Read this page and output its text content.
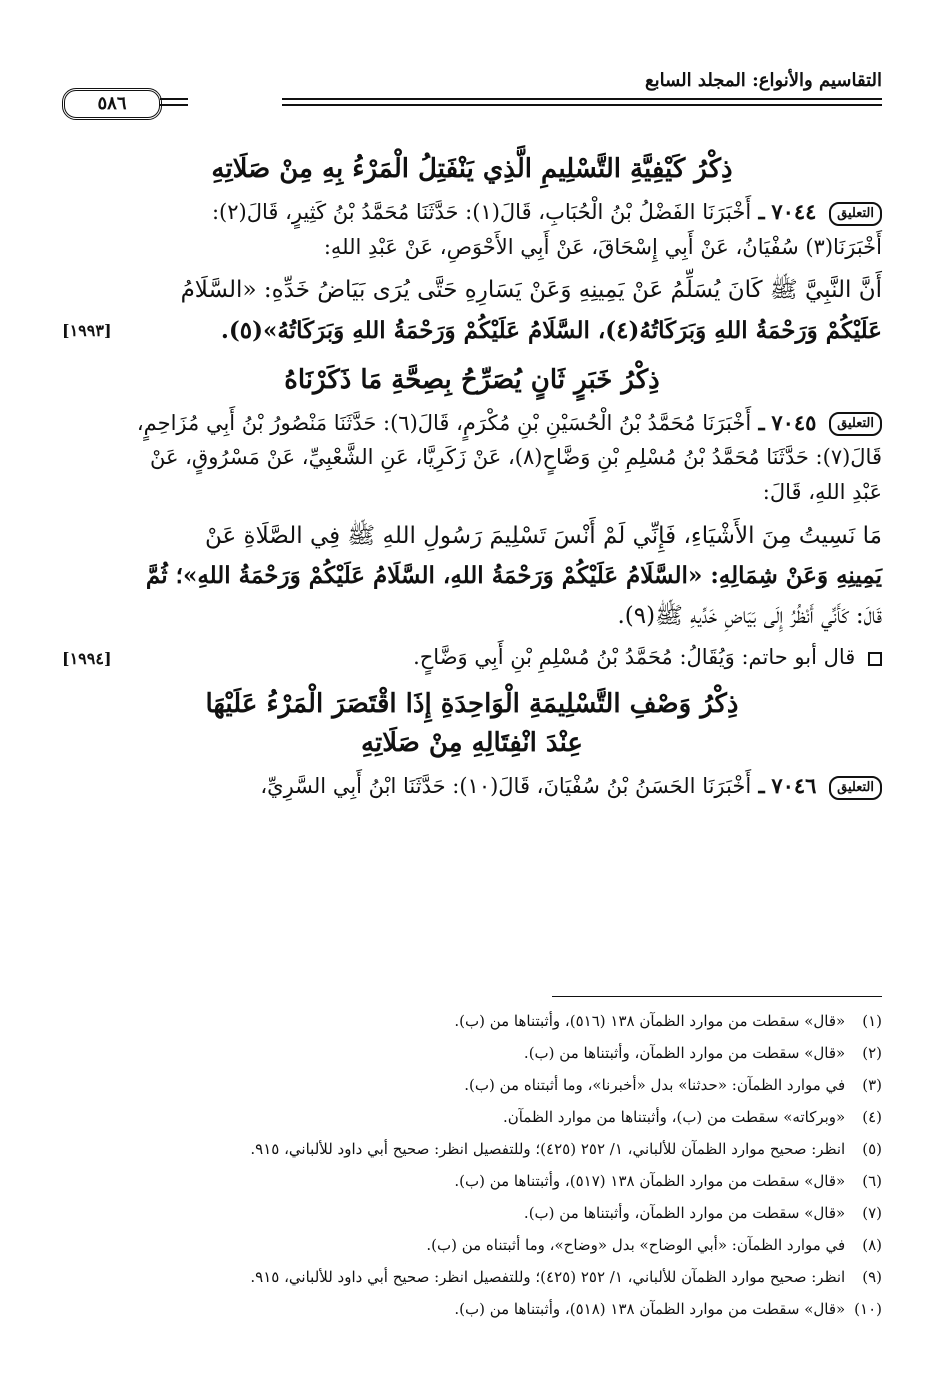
التقاسيم والأنواع: المجلد السابع
٥٨٦

ذِكْرُ كَيْفِيَّةِ التَّسْلِيمِ الَّذِي يَنْفَتِلُ الْمَرْءُ بِهِ مِنْ صَلَاتِهِ

التعليق ٧٠٤٤ ـ أَخْبَرَنَا الفَضْلُ بْنُ الْحُبَابِ، قَالَ(١): حَدَّثَنَا مُحَمَّدُ بْنُ كَثِيرٍ، قَالَ(٢):

أَخْبَرَنَا(٣) سُفْيَانُ، عَنْ أَبِي إِسْحَاقَ، عَنْ أَبِي الأَحْوَصِ، عَنْ عَبْدِ اللهِ:

أَنَّ النَّبِيَّ ﷺ كَانَ يُسَلِّمُ عَنْ يَمِينِهِ وَعَنْ يَسَارِهِ حَتَّى يُرَى بَيَاضُ خَدِّهِ: «السَّلَامُ
عَلَيْكُمْ وَرَحْمَةُ اللهِ وَبَرَكَاتُهُ(٤)، السَّلَامُ عَلَيْكُمْ وَرَحْمَةُ اللهِ وَبَرَكَاتُهُ»(٥).
[١٩٩٣]

ذِكْرُ خَبَرٍ ثَانٍ يُصَرِّحُ بِصِحَّةِ مَا ذَكَرْنَاهُ

التعليق ٧٠٤٥ ـ أَخْبَرَنَا مُحَمَّدُ بْنُ الْحُسَيْنِ بْنِ مُكْرَمٍ، قَالَ(٦): حَدَّثَنَا مَنْصُورُ بْنُ أَبِي مُزَاحِمٍ،

قَالَ(٧): حَدَّثَنَا مُحَمَّدُ بْنُ مُسْلِمِ بْنِ وَضَّاحٍ(٨)، عَنْ زَكَرِيَّا، عَنِ الشَّعْبِيِّ، عَنْ مَسْرُوقٍ، عَنْ

عَبْدِ اللهِ، قَالَ:

مَا نَسِيتُ مِنَ الأَشْيَاءِ، فَإِنِّي لَمْ أَنْسَ تَسْلِيمَ رَسُولِ اللهِ ﷺ فِي الصَّلَاةِ عَنْ
يَمِينِهِ وَعَنْ شِمَالِهِ: «السَّلَامُ عَلَيْكُمْ وَرَحْمَةُ اللهِ، السَّلَامُ عَلَيْكُمْ وَرَحْمَةُ اللهِ»؛ ثُمَّ
قَالَ: كَأَنِّي أَنْظُرُ إِلَى بَيَاضِ خَدِّيهِ ﷺ(٩).

قال أبو حاتم: وَيُقَالُ: مُحَمَّدُ بْنُ مُسْلِمِ بْنِ أَبِي وَضَّاحٍ.
[١٩٩٤]

ذِكْرُ وَصْفِ التَّسْلِيمَةِ الْوَاحِدَةِ إِذَا اقْتَصَرَ الْمَرْءُ عَلَيْهَا
عِنْدَ انْفِتَالِهِ مِنْ صَلَاتِهِ

التعليق ٧٠٤٦ ـ أَخْبَرَنَا الحَسَنُ بْنُ سُفْيَانَ، قَالَ(١٠): حَدَّثَنَا ابْنُ أَبِي السَّرِيِّ،

(١) «قال» سقطت من موارد الظمآن ١٣٨ (٥١٦)، وأثبتناها من (ب).

(٢) «قال» سقطت من موارد الظمآن، وأثبتناها من (ب).

(٣) في موارد الظمآن: «حدثنا» بدل «أخبرنا»، وما أثبتناه من (ب).

(٤) «وبركاته» سقطت من (ب)، وأثبتناها من موارد الظمآن.

(٥) انظر: صحيح موارد الظمآن للألباني، ١/ ٢٥٢ (٤٢٥)؛ وللتفصيل انظر: صحيح أبي داود للألباني، ٩١٥.

(٦) «قال» سقطت من موارد الظمآن ١٣٨ (٥١٧)، وأثبتناها من (ب).

(٧) «قال» سقطت من موارد الظمآن، وأثبتناها من (ب).

(٨) في موارد الظمآن: «أبي الوضاح» بدل «وضاح»، وما أثبتناه من (ب).

(٩) انظر: صحيح موارد الظمآن للألباني، ١/ ٢٥٢ (٤٢٥)؛ وللتفصيل انظر: صحيح أبي داود للألباني، ٩١٥.

(١٠) «قال» سقطت من موارد الظمآن ١٣٨ (٥١٨)، وأثبتناها من (ب).
